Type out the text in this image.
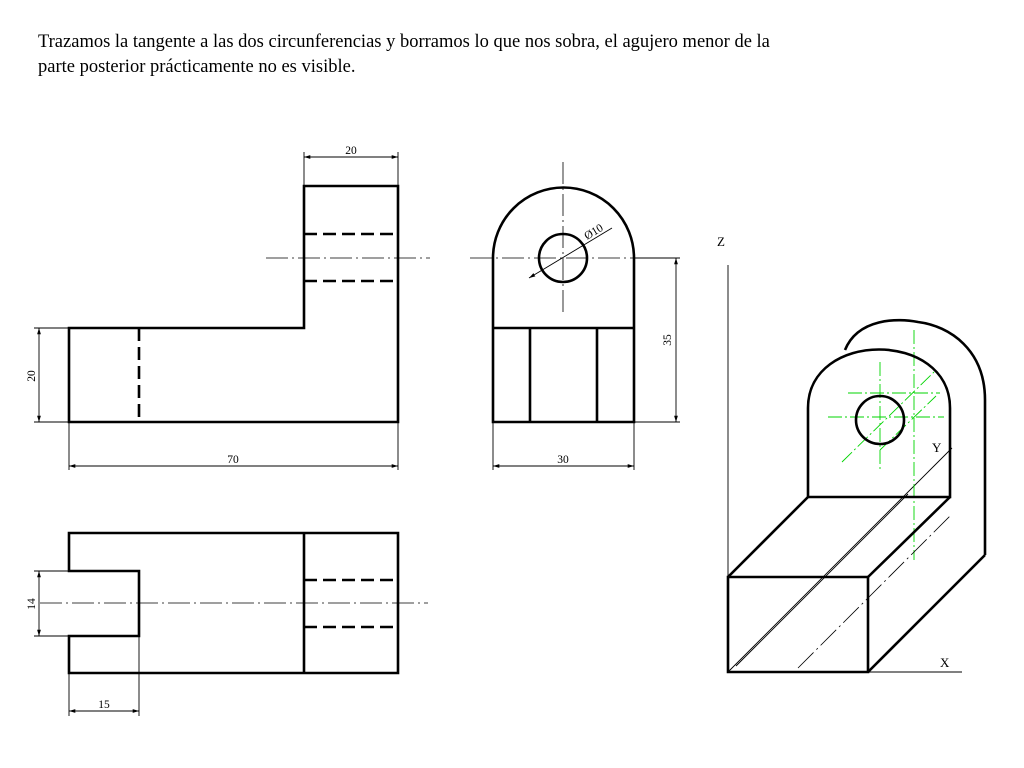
Trazamos la tangente a las dos circunferencias y borramos lo que nos sobra, el agujero menor de la

parte posterior prácticamente no es visible.

20
20
70
Ø10
35
30
14
15
Z
Y
X
